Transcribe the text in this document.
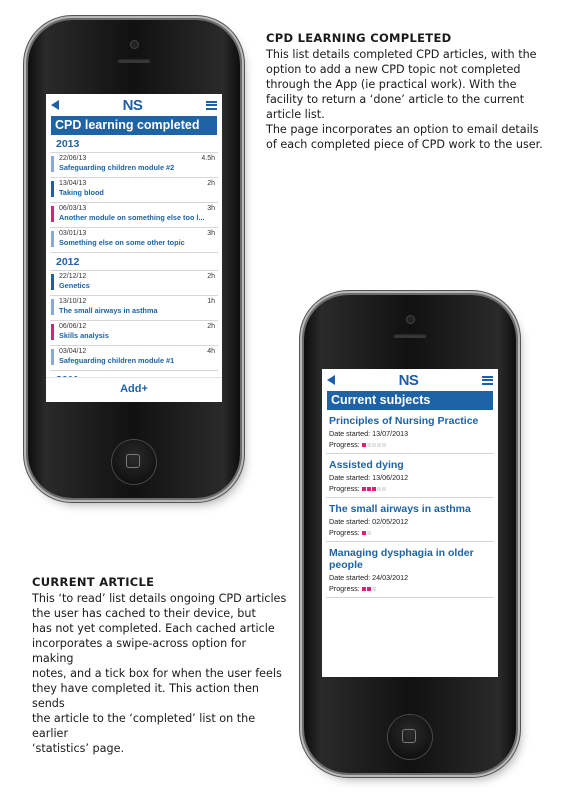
CPD LEARNING COMPLETED

This list details completed CPD articles, with the

option to add a new CPD topic not completed

through the App (ie practical work). With the

facility to return a ‘done’ article to the current

article list.

The page incorporates an option to email details

of each completed piece of CPD work to the user.

CURRENT ARTICLE

This ‘to read’ list details ongoing CPD articles

the user has cached to their device, but

has not yet completed. Each cached article

incorporates a swipe-across option for making

notes, and a tick box for when the user feels

they have completed it. This action then sends

the article to the ‘completed’ list on the earlier

‘statistics’ page.

NS
CPD learning completed
2013
22/06/13	4.5h
Safeguarding children module #2
13/04/13	2h
Taking blood
06/03/13	3h
Another module on something else too l...
03/01/13	3h
Something else on some other topic
2012
22/12/12	2h
Genetics
13/10/12	1h
The small airways in asthma
06/06/12	2h
Skills analysis
03/04/12	4h
Safeguarding children module #1
Add+
NS
Current subjects
Principles of Nursing Practice
Date started: 13/07/2013
Progress:
Assisted dying
Date started: 13/06/2012
Progress:
The small airways in asthma
Date started: 02/05/2012
Progress:
Managing dysphagia in older people
Date started: 24/03/2012
Progress:
